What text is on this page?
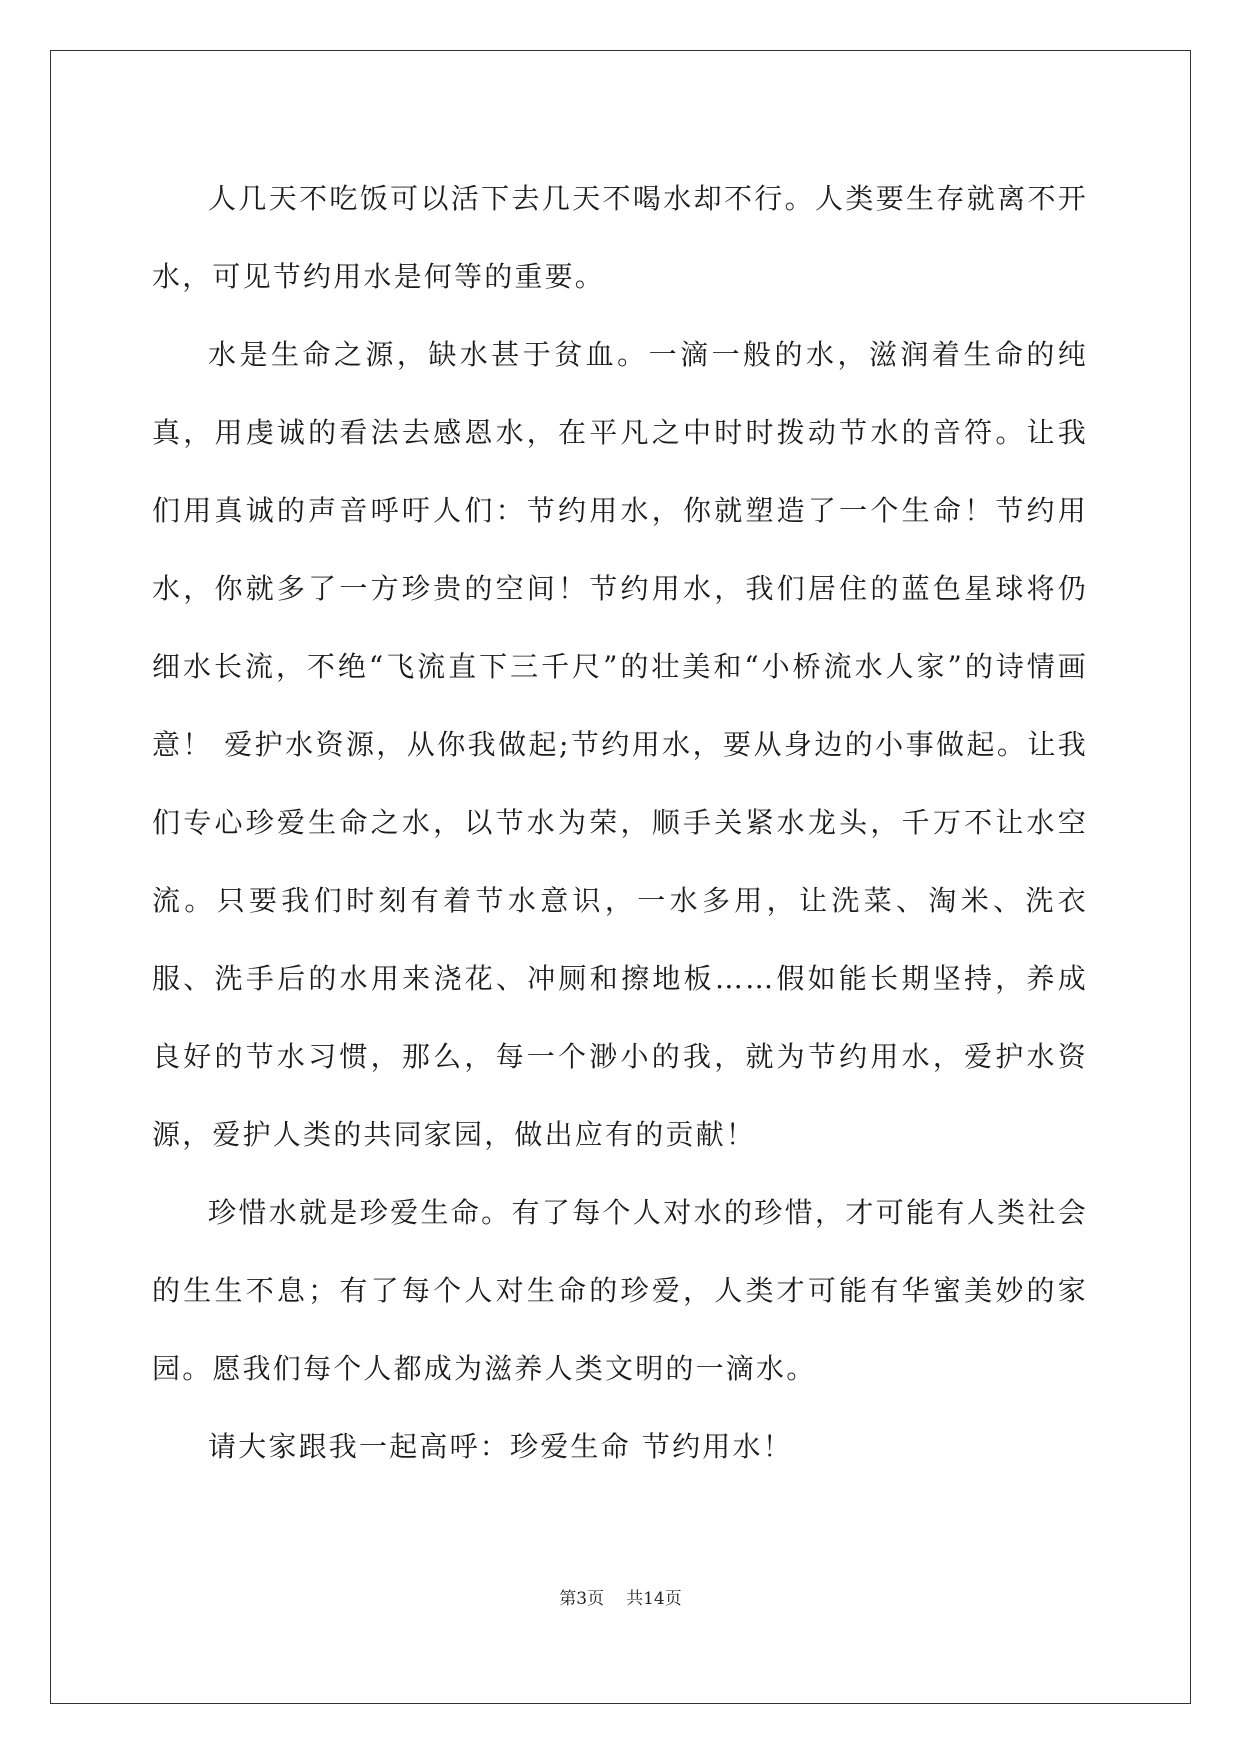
人几天不吃饭可以活下去几天不喝水却不行。人类要生存就离不开水，可见节约用水是何等的重要。

水是生命之源，缺水甚于贫血。一滴一般的水，滋润着生命的纯真，用虔诚的看法去感恩水，在平凡之中时时拨动节水的音符。让我们用真诚的声音呼吁人们：节约用水，你就塑造了一个生命！节约用水，你就多了一方珍贵的空间！节约用水，我们居住的蓝色星球将仍细水长流，不绝“飞流直下三千尺”的壮美和“小桥流水人家”的诗情画意！ 爱护水资源，从你我做起;节约用水，要从身边的小事做起。让我们专心珍爱生命之水，以节水为荣，顺手关紧水龙头，千万不让水空流。只要我们时刻有着节水意识，一水多用，让洗菜、淘米、洗衣服、洗手后的水用来浇花、冲厕和擦地板……假如能长期坚持，养成良好的节水习惯，那么，每一个渺小的我，就为节约用水，爱护水资源，爱护人类的共同家园，做出应有的贡献！

珍惜水就是珍爱生命。有了每个人对水的珍惜，才可能有人类社会的生生不息；有了每个人对生命的珍爱，人类才可能有华蜜美妙的家园。愿我们每个人都成为滋养人类文明的一滴水。

请大家跟我一起高呼：珍爱生命 节约用水！

第3页 共14页
